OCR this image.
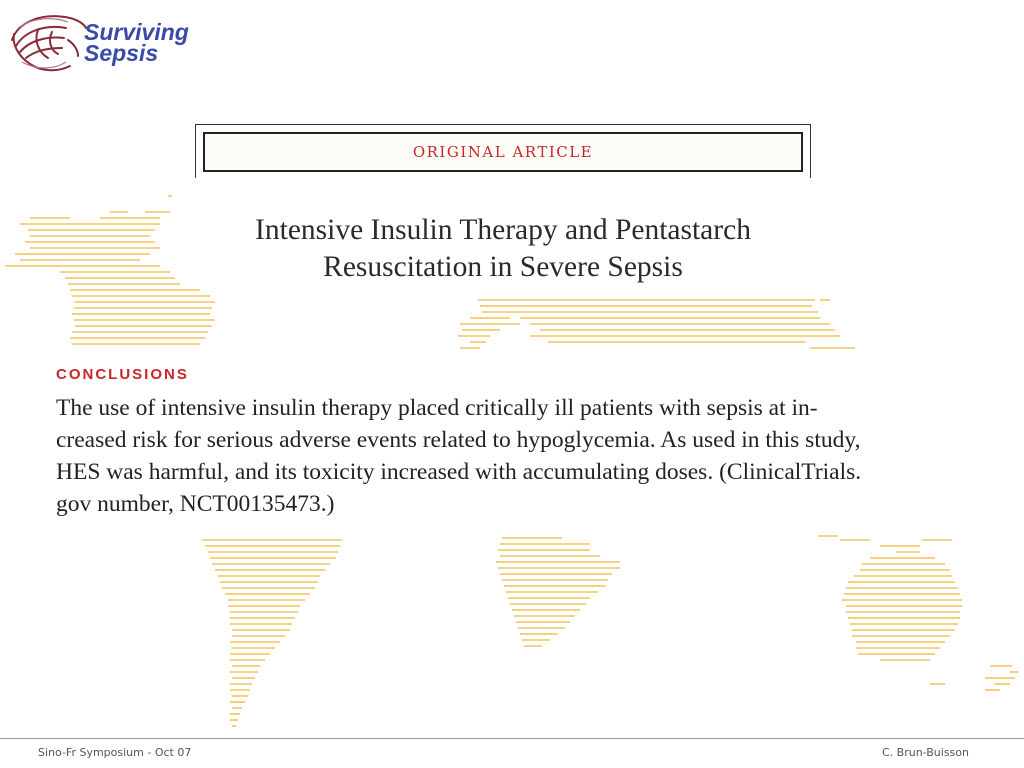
Surviving
Sepsis
ORIGINAL ARTICLE
Intensive Insulin Therapy and Pentastarch
Resuscitation in Severe Sepsis
CONCLUSIONS

The use of intensive insulin therapy placed critically ill patients with sepsis at in-
creased risk for serious adverse events related to hypoglycemia. As used in this study,
HES was harmful, and its toxicity increased with accumulating doses. (ClinicalTrials.
gov number, NCT00135473.)

Sino-Fr Symposium - Oct 07	C. Brun-Buisson
